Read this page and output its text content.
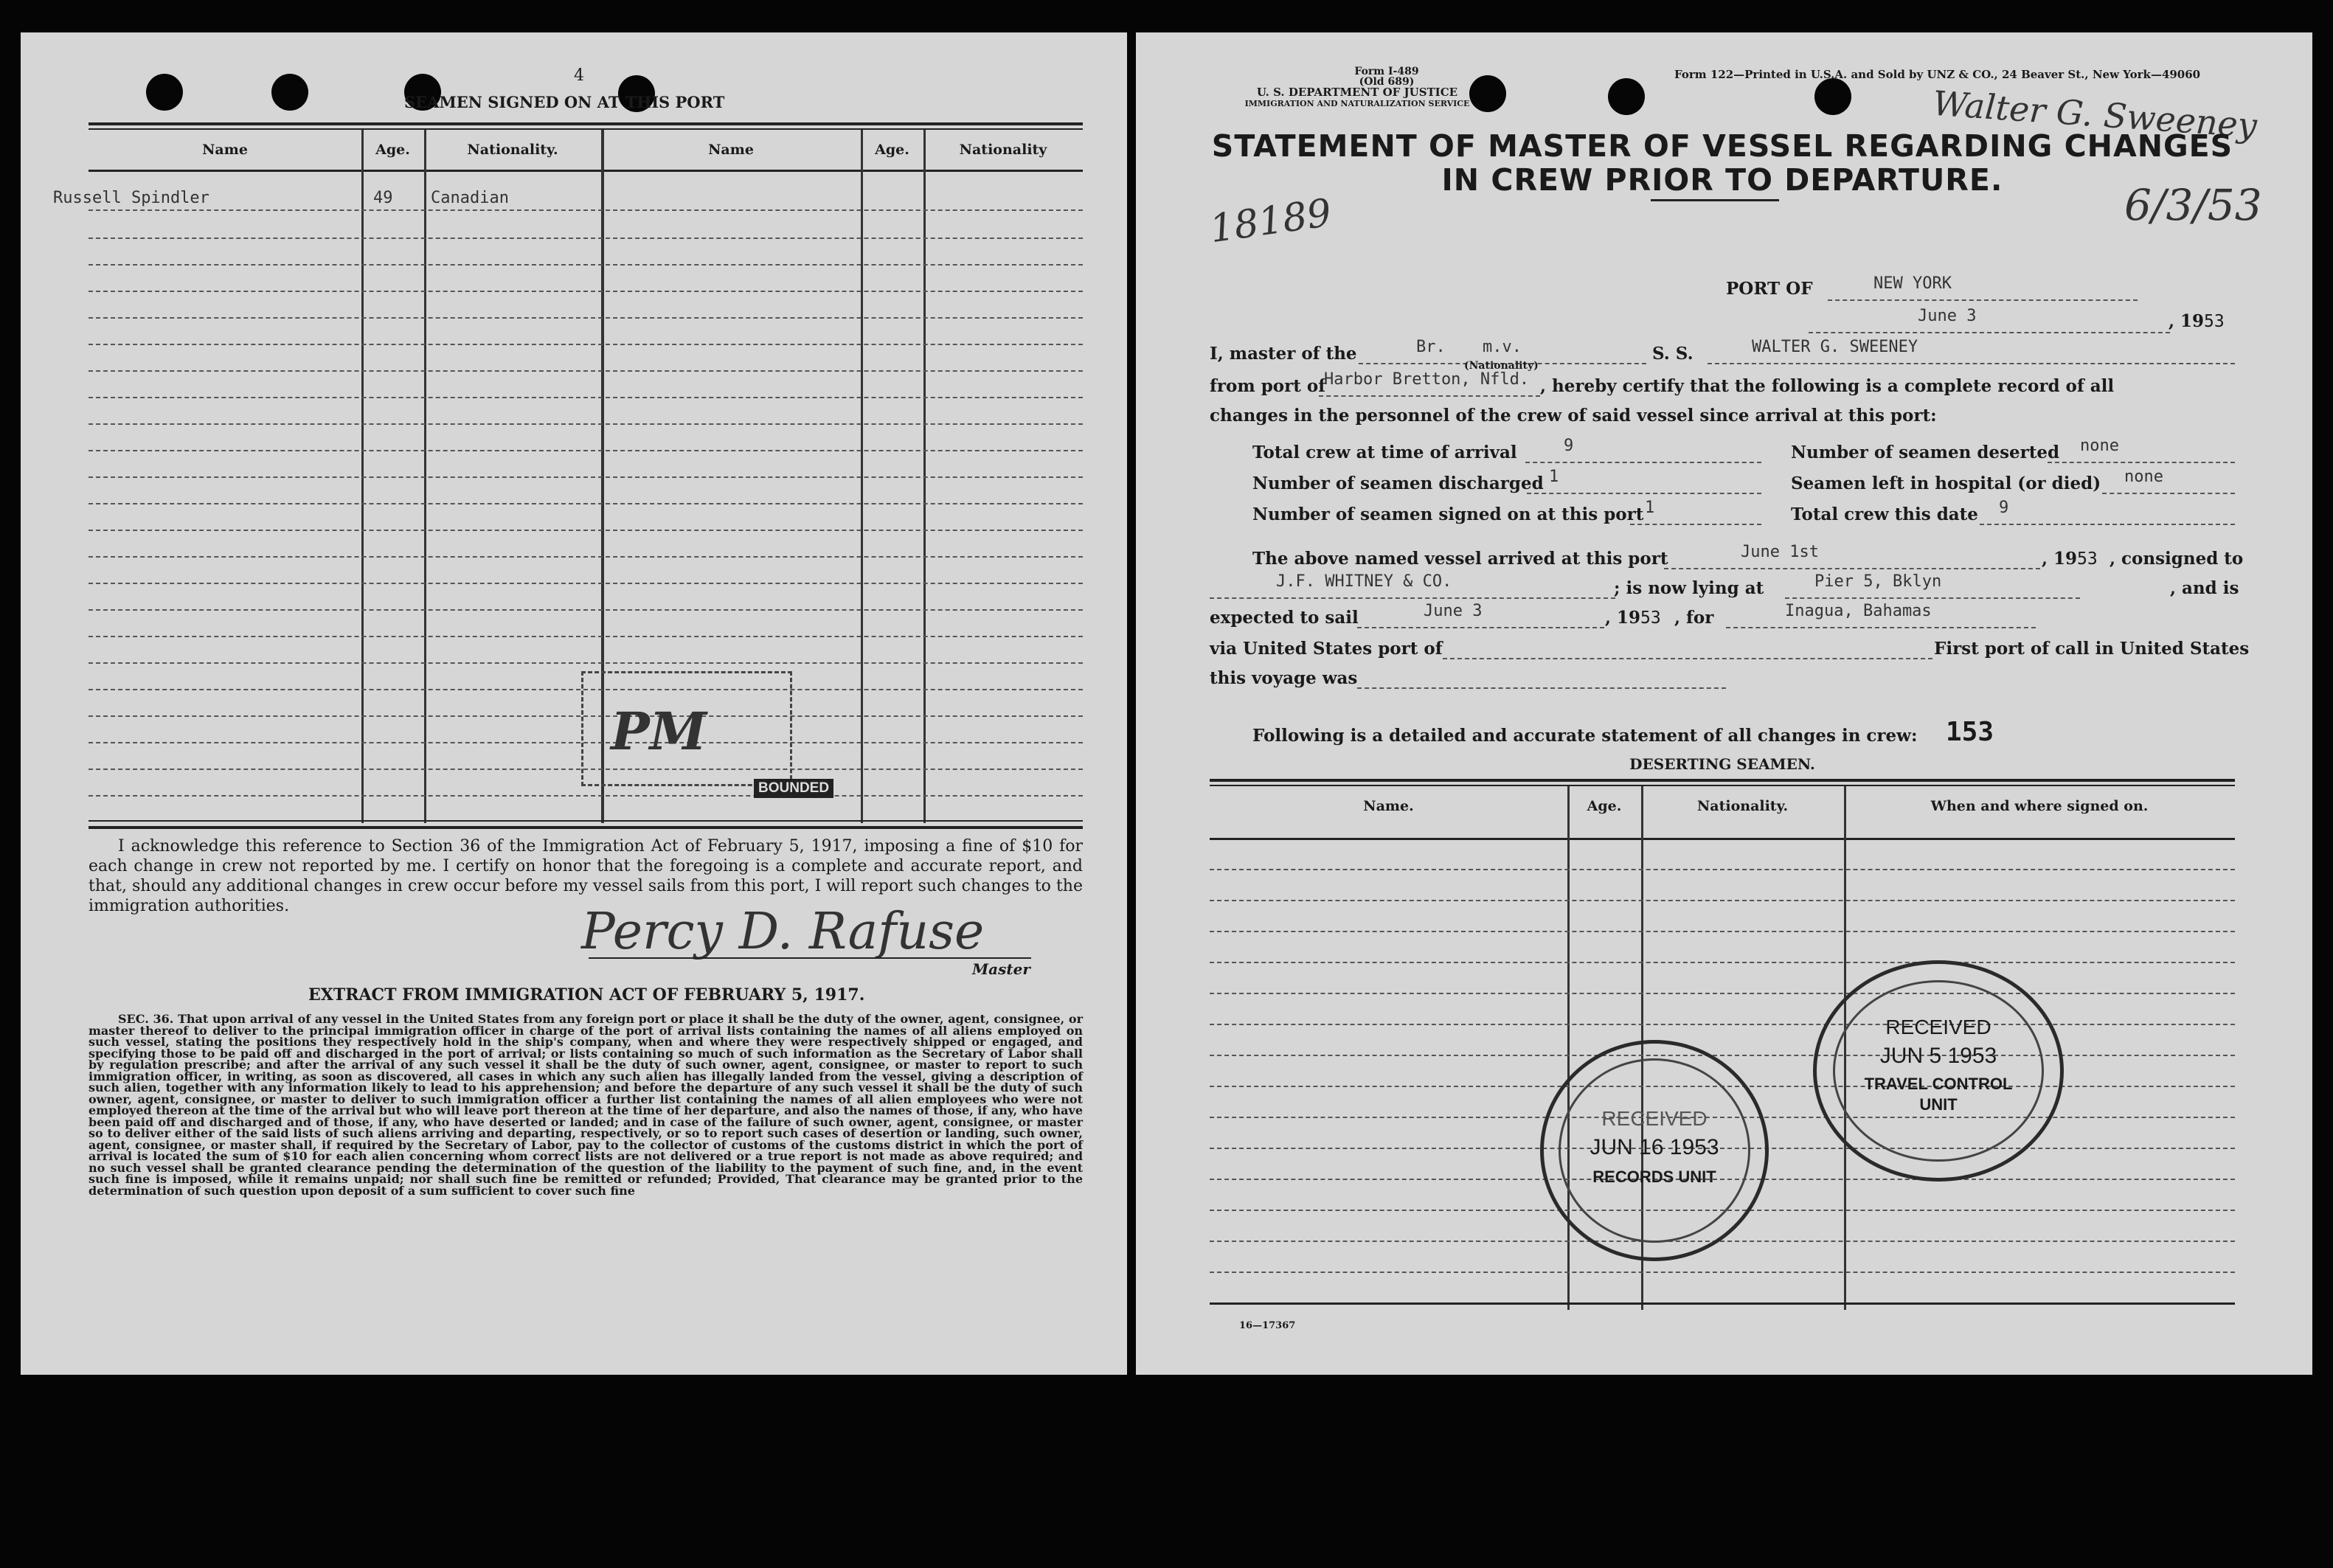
4
SEAMEN SIGNED ON AT THIS PORT
Name	Age.	Nationality.	Name	Age.	Nationality
Russell Spindler	49 Canadian
PM
BOUNDED
I acknowledge this reference to Section 36 of the Immigration Act of February 5, 1917, imposing a fine of $10 for each change in crew not reported by me. I certify on honor that the foregoing is a complete and accurate report, and that, should any additional changes in crew occur before my vessel sails from this port, I will report such changes to the immigration authorities.	Percy D. Rafuse
Master
EXTRACT FROM IMMIGRATION ACT OF FEBRUARY 5, 1917.
SEC. 36. That upon arrival of any vessel in the United States from any foreign port or place it shall be the duty of the owner, agent, consignee, or master thereof to deliver to the principal immigration officer in charge of the port of arrival lists containing the names of all aliens employed on such vessel, stating the positions they respectively hold in the ship's company, when and where they were respectively shipped or engaged, and specifying those to be paid off and discharged in the port of arrival; or lists containing so much of such information as the Secretary of Labor shall by regulation prescribe; and after the arrival of any such vessel it shall be the duty of such owner, agent, consignee, or master to report to such immigration officer, in writing, as soon as discovered, all cases in which any such alien has illegally landed from the vessel, giving a description of such alien, together with any information likely to lead to his apprehension; and before the departure of any such vessel it shall be the duty of such owner, agent, consignee, or master to deliver to such immigration officer a further list containing the names of all alien employees who were not employed thereon at the time of the arrival but who will leave port thereon at the time of her departure, and also the names of those, if any, who have been paid off and discharged and of those, if any, who have deserted or landed; and in case of the failure of such owner, agent, consignee, or master so to deliver either of the said lists of such aliens arriving and departing, respectively, or so to report such cases of desertion or landing, such owner, agent, consignee, or master shall, if required by the Secretary of Labor, pay to the collector of customs of the customs district in which the port of arrival is located the sum of $10 for each alien concerning whom correct lists are not delivered or a true report is not made as above required; and no such vessel shall be granted clearance pending the determination of the question of the liability to the payment of such fine, and, in the event such fine is imposed, while it remains unpaid; nor shall such fine be remitted or refunded; Provided, That clearance may be granted prior to the determination of such question upon deposit of a sum sufficient to cover such fine
Form I-489
(Old 689)
U. S. DEPARTMENT OF JUSTICE
IMMIGRATION AND NATURALIZATION SERVICE
Form 122—Printed in U.S.A. and Sold by UNZ & CO., 24 Beaver St., New York—49060
Walter G. Sweeney
18189	6/3/53
STATEMENT OF MASTER OF VESSEL REGARDING CHANGES
IN CREW PRIOR TO DEPARTURE.
PORT OF	NEW YORK
June 3	, 1953
I, master of the	Br. m.v.
(Nationality)
S. S.	WALTER G. SWEENEY
from port of
Harbor Bretton, Nfld. , hereby certify that the following is a complete record of all
changes in the personnel of the crew of said vessel since arrival at this port:
Total crew at time of arrival	9	Number of seamen deserted none
Number of seamen discharged 1	Seamen left in hospital (or died) none
Number of seamen signed on at this port 1	Total crew this date 9
The above named vessel arrived at this port	June 1st	, 1953 , consigned to
J.F. WHITNEY & CO.	; is now lying at	Pier 5, Bklyn	, and is
expected to sail	June 3	, 1953 , for	Inagua, Bahamas
via United States port of	First port of call in United States
this voyage was
Following is a detailed and accurate statement of all changes in crew: 153
DESERTING SEAMEN.
Name.	Age.	Nationality.	When and where signed on.
RECEIVED
JUN 16 1953
RECORDS UNIT
RECEIVED
JUN 5 1953
TRAVEL CONTROL
UNIT
16—17367
